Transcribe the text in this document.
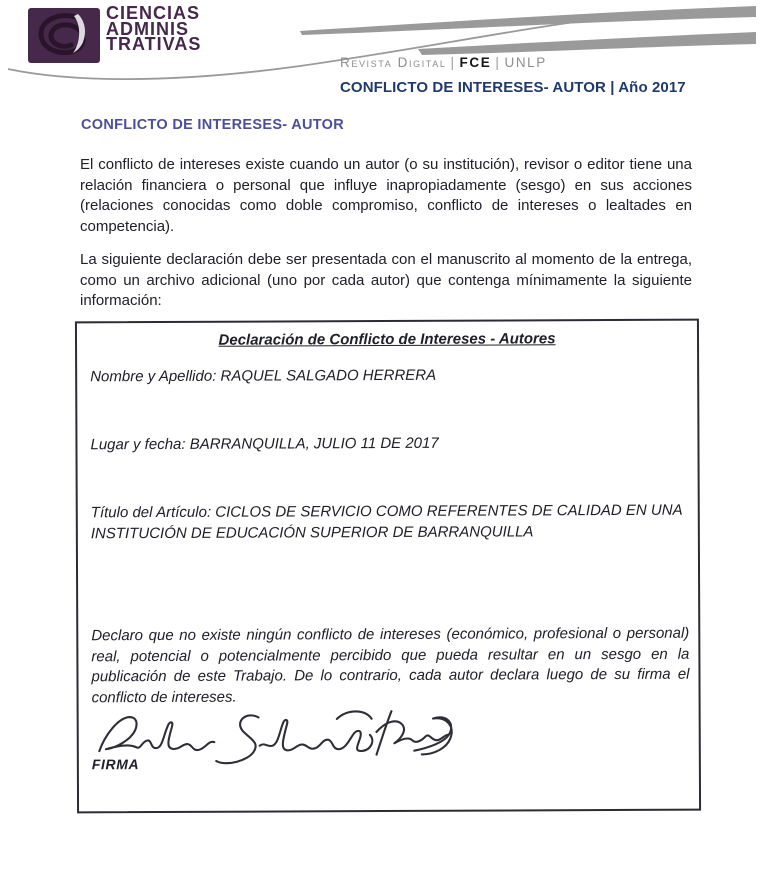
CIENCIAS
ADMINIS
TRATIVAS
Revista Digital | FCE | UNLP
CONFLICTO DE INTERESES- AUTOR | Año 2017
CONFLICTO DE INTERESES- AUTOR

El conflicto de intereses existe cuando un autor (o su institución), revisor o editor tiene una relación financiera o personal que influye inapropiadamente (sesgo) en sus acciones (relaciones conocidas como doble compromiso, conflicto de intereses o lealtades en competencia).

La siguiente declaración debe ser presentada con el manuscrito al momento de la entrega, como un archivo adicional (uno por cada autor) que contenga mínimamente la siguiente información:

Declaración de Conflicto de Intereses - Autores
Nombre y Apellido: RAQUEL SALGADO HERRERA
Lugar y fecha: BARRANQUILLA, JULIO 11 DE 2017
Título del Artículo: CICLOS DE SERVICIO COMO REFERENTES DE CALIDAD EN UNA INSTITUCIÓN DE EDUCACIÓN SUPERIOR DE BARRANQUILLA

Declaro que no existe ningún conflicto de intereses (económico, profesional o personal) real, potencial o potencialmente percibido que pueda resultar en un sesgo en la publicación de este Trabajo. De lo contrario, cada autor declara luego de su firma el conflicto de intereses.

FIRMA
